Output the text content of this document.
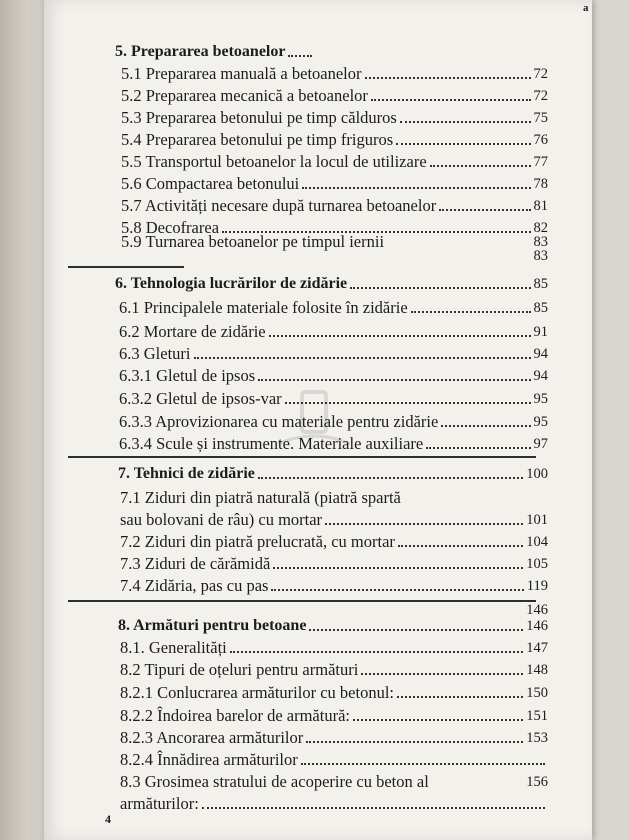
a
5. Prepararea betoanelor
5.1 Prepararea manuală a betoanelor	72
5.2 Prepararea mecanică a betoanelor	72
5.3 Prepararea betonului pe timp călduros	75
5.4 Prepararea betonului pe timp friguros	76
5.5 Transportul betoanelor la locul de utilizare	77
5.6 Compactarea betonului	78
5.7 Activități necesare după turnarea betoanelor	81
5.8 Decofrarea	82
5.9 Turnarea betoanelor pe timpul iernii	83
83
6. Tehnologia lucrărilor de zidărie	85
6.1 Principalele materiale folosite în zidărie	85
6.2 Mortare de zidărie	91
6.3 Gleturi	94
6.3.1 Gletul de ipsos	94
6.3.2 Gletul de ipsos-var	95
6.3.3 Aprovizionarea cu materiale pentru zidărie	95
6.3.4 Scule și instrumente. Materiale auxiliare	97
7. Tehnici de zidărie	100
7.1 Ziduri din piatră naturală (piatră spartă
sau bolovani de râu) cu mortar	101
7.2 Ziduri din piatră prelucrată, cu mortar	104
7.3 Ziduri de cărămidă	105
7.4 Zidăria, pas cu pas	119
146
8. Armături pentru betoane	146
8.1. Generalități	147
8.2 Tipuri de oțeluri pentru armături	148
8.2.1 Conlucrarea armăturilor cu betonul:	150
8.2.2 Îndoirea barelor de armătură:	151
8.2.3 Ancorarea armăturilor	153
8.2.4 Înnădirea armăturilor
8.3 Grosimea stratului de acoperire cu beton al	156
armăturilor:
4
